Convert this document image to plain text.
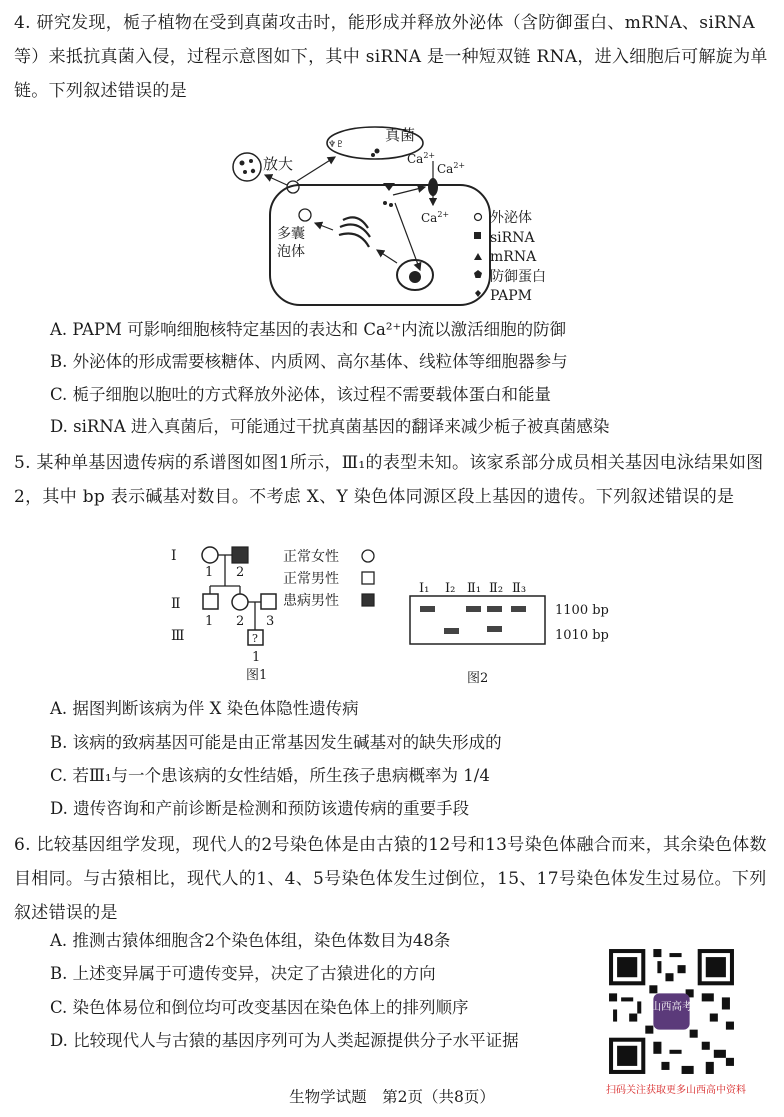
4. 研究发现，栀子植物在受到真菌攻击时，能形成并释放外泌体（含防御蛋白、mRNA、siRNA等）来抵抗真菌入侵，过程示意图如下，其中 siRNA 是一种短双链 RNA，进入细胞后可解旋为单链。下列叙述错误的是
真菌
♆♇
放大
多囊
泡体
$Ca^{2+}$
$Ca^{2+}$
$Ca^{2+}$	外泌体
siRNA
mRNA
防御蛋白
PAPM
A. PAPM 可影响细胞核特定基因的表达和 Ca²⁺内流以激活细胞的防御
B. 外泌体的形成需要核糖体、内质网、高尔基体、线粒体等细胞器参与
C. 栀子细胞以胞吐的方式释放外泌体，该过程不需要载体蛋白和能量
D. siRNA 进入真菌后，可能通过干扰真菌基因的翻译来减少栀子被真菌感染
5. 某种单基因遗传病的系谱图如图1所示，Ⅲ₁的表型未知。该家系部分成员相关基因电泳结果如图2，其中 bp 表示碱基对数目。不考虑 X、Y 染色体同源区段上基因的遗传。下列叙述错误的是
Ⅰ
Ⅱ
Ⅲ
1 2
1 2 3
?
1
图1
正常女性
正常男性
患病男性
Ⅰ₁ Ⅰ₂ Ⅱ₁ Ⅱ₂ Ⅱ₃
1100 bp
1010 bp
图2
A. 据图判断该病为伴 X 染色体隐性遗传病
B. 该病的致病基因可能是由正常基因发生碱基对的缺失形成的
C. 若Ⅲ₁与一个患该病的女性结婚，所生孩子患病概率为 1/4
D. 遗传咨询和产前诊断是检测和预防该遗传病的重要手段
6. 比较基因组学发现，现代人的2号染色体是由古猿的12号和13号染色体融合而来，其余染色体数目相同。与古猿相比，现代人的1、4、5号染色体发生过倒位，15、17号染色体发生过易位。下列叙述错误的是
A. 推测古猿体细胞含2个染色体组，染色体数目为48条
B. 上述变异属于可遗传变异，决定了古猿进化的方向
C. 染色体易位和倒位均可改变基因在染色体上的排列顺序
D. 比较现代人与古猿的基因序列可为人类起源提供分子水平证据
山西高考
扫码关注获取更多山西高中资料
生物学试题　第2页（共8页）
